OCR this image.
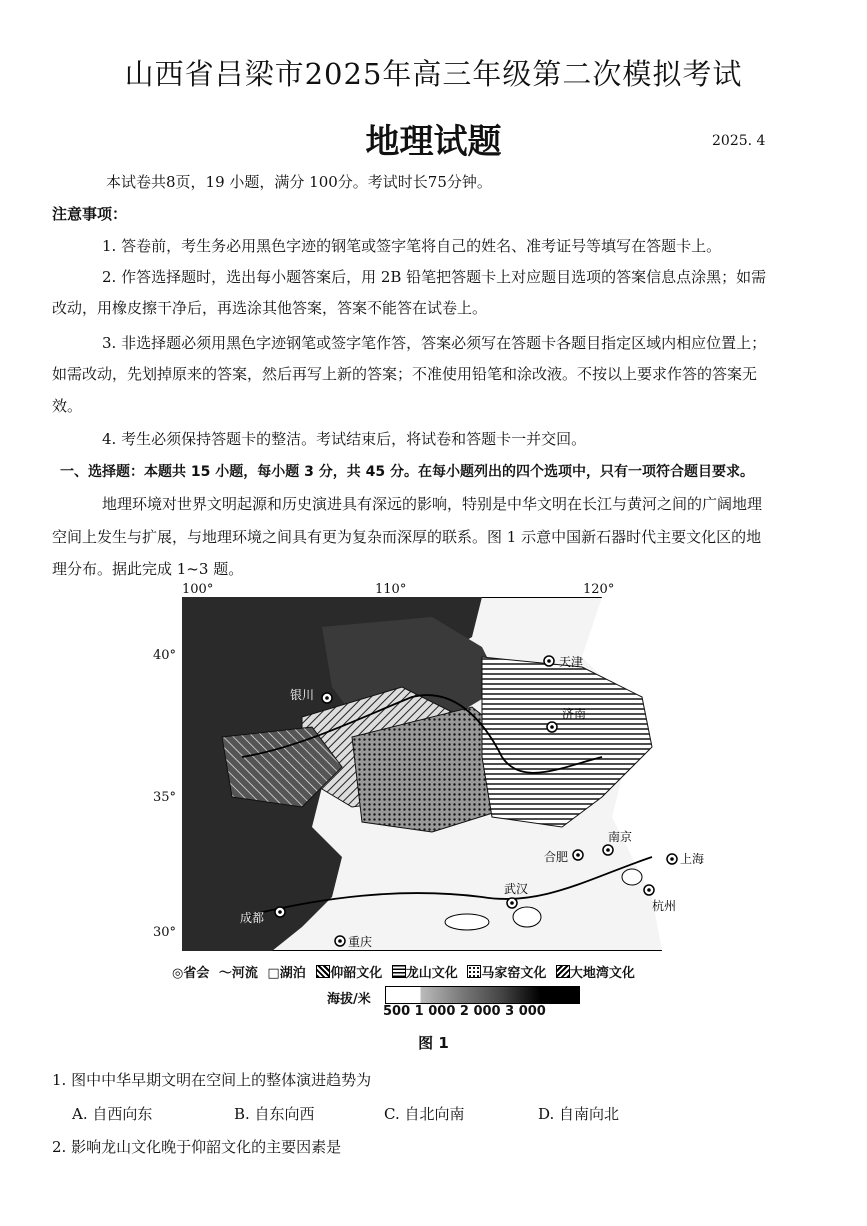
山西省吕梁市2025年高三年级第二次模拟考试
地理试题	2025. 4
本试卷共8页，19 小题，满分 100分。考试时长75分钟。
注意事项：
1. 答卷前，考生务必用黑色字迹的钢笔或签字笔将自己的姓名、准考证号等填写在答题卡上。
2. 作答选择题时，选出每小题答案后，用 2B 铅笔把答题卡上对应题目选项的答案信息点涂黑；如需
改动，用橡皮擦干净后，再选涂其他答案，答案不能答在试卷上。
3. 非选择题必须用黑色字迹钢笔或签字笔作答，答案必须写在答题卡各题目指定区域内相应位置上；
如需改动，先划掉原来的答案，然后再写上新的答案；不准使用铅笔和涂改液。不按以上要求作答的答案无
效。
4. 考生必须保持答题卡的整洁。考试结束后，将试卷和答题卡一并交回。
一、选择题：本题共 15 小题，每小题 3 分，共 45 分。在每小题列出的四个选项中，只有一项符合题目要求。
地理环境对世界文明起源和历史演进具有深远的影响，特别是中华文明在长江与黄河之间的广阔地理
空间上发生与扩展，与地理环境之间具有更为复杂而深厚的联系。图 1 示意中国新石器时代主要文化区的地
理分布。据此完成 1~3 题。
100°	110°	120°
40°
35°
30°
天津
银川
济南
合肥
南京
上海
武汉
杭州
重庆
成都
◎省会 〜河流 □湖泊 仰韶文化 龙山文化 马家窑文化 大地湾文化
海拔/米
500 1 000 2 000 3 000
图 1
1. 图中中华早期文明在空间上的整体演进趋势为
A. 自西向东	B. 自东向西	C. 自北向南	D. 自南向北
2. 影响龙山文化晚于仰韶文化的主要因素是
